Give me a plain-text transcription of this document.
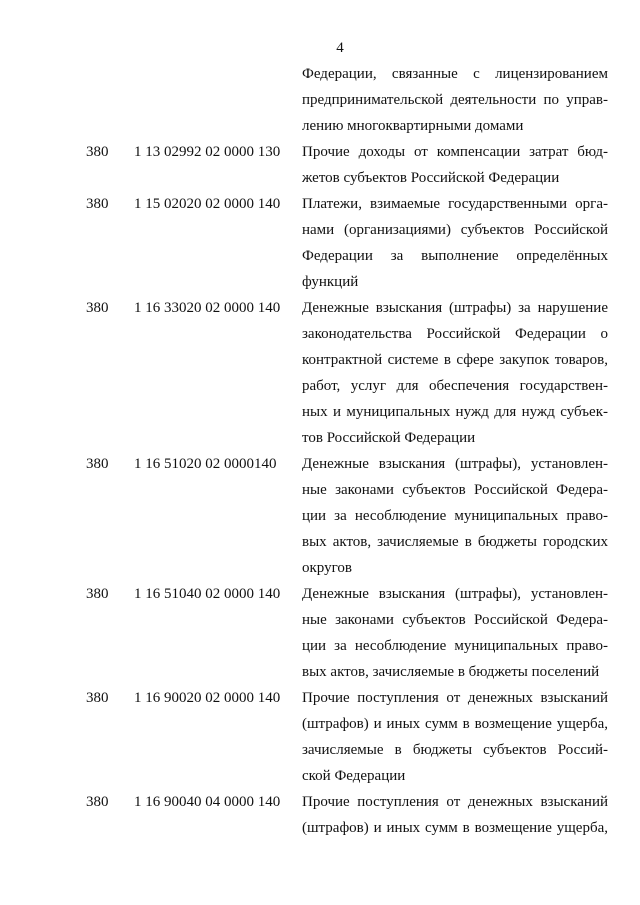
4
Федерации, связанные с лицензированием
предпринимательской деятельности по управ-
лению многоквартирными домами
380 1 13 02992 02 0000 130	Прочие доходы от компенсации затрат бюд-
жетов субъектов Российской Федерации
380 1 15 02020 02 0000 140	Платежи, взимаемые государственными орга-
нами (организациями) субъектов Российской
Федерации за выполнение определённых
функций
380 1 16 33020 02 0000 140	Денежные взыскания (штрафы) за нарушение
законодательства Российской Федерации о
контрактной системе в сфере закупок товаров,
работ, услуг для обеспечения государствен-
ных и муниципальных нужд для нужд субъек-
тов Российской Федерации
380 1 16 51020 02 0000140	Денежные взыскания (штрафы), установлен-
ные законами субъектов Российской Федера-
ции за несоблюдение муниципальных право-
вых актов, зачисляемые в бюджеты городских
округов
380 1 16 51040 02 0000 140	Денежные взыскания (штрафы), установлен-
ные законами субъектов Российской Федера-
ции за несоблюдение муниципальных право-
вых актов, зачисляемые в бюджеты поселений
380 1 16 90020 02 0000 140	Прочие поступления от денежных взысканий
(штрафов) и иных сумм в возмещение ущерба,
зачисляемые в бюджеты субъектов Россий-
ской Федерации
380 1 16 90040 04 0000 140	Прочие поступления от денежных взысканий
(штрафов) и иных сумм в возмещение ущерба,
